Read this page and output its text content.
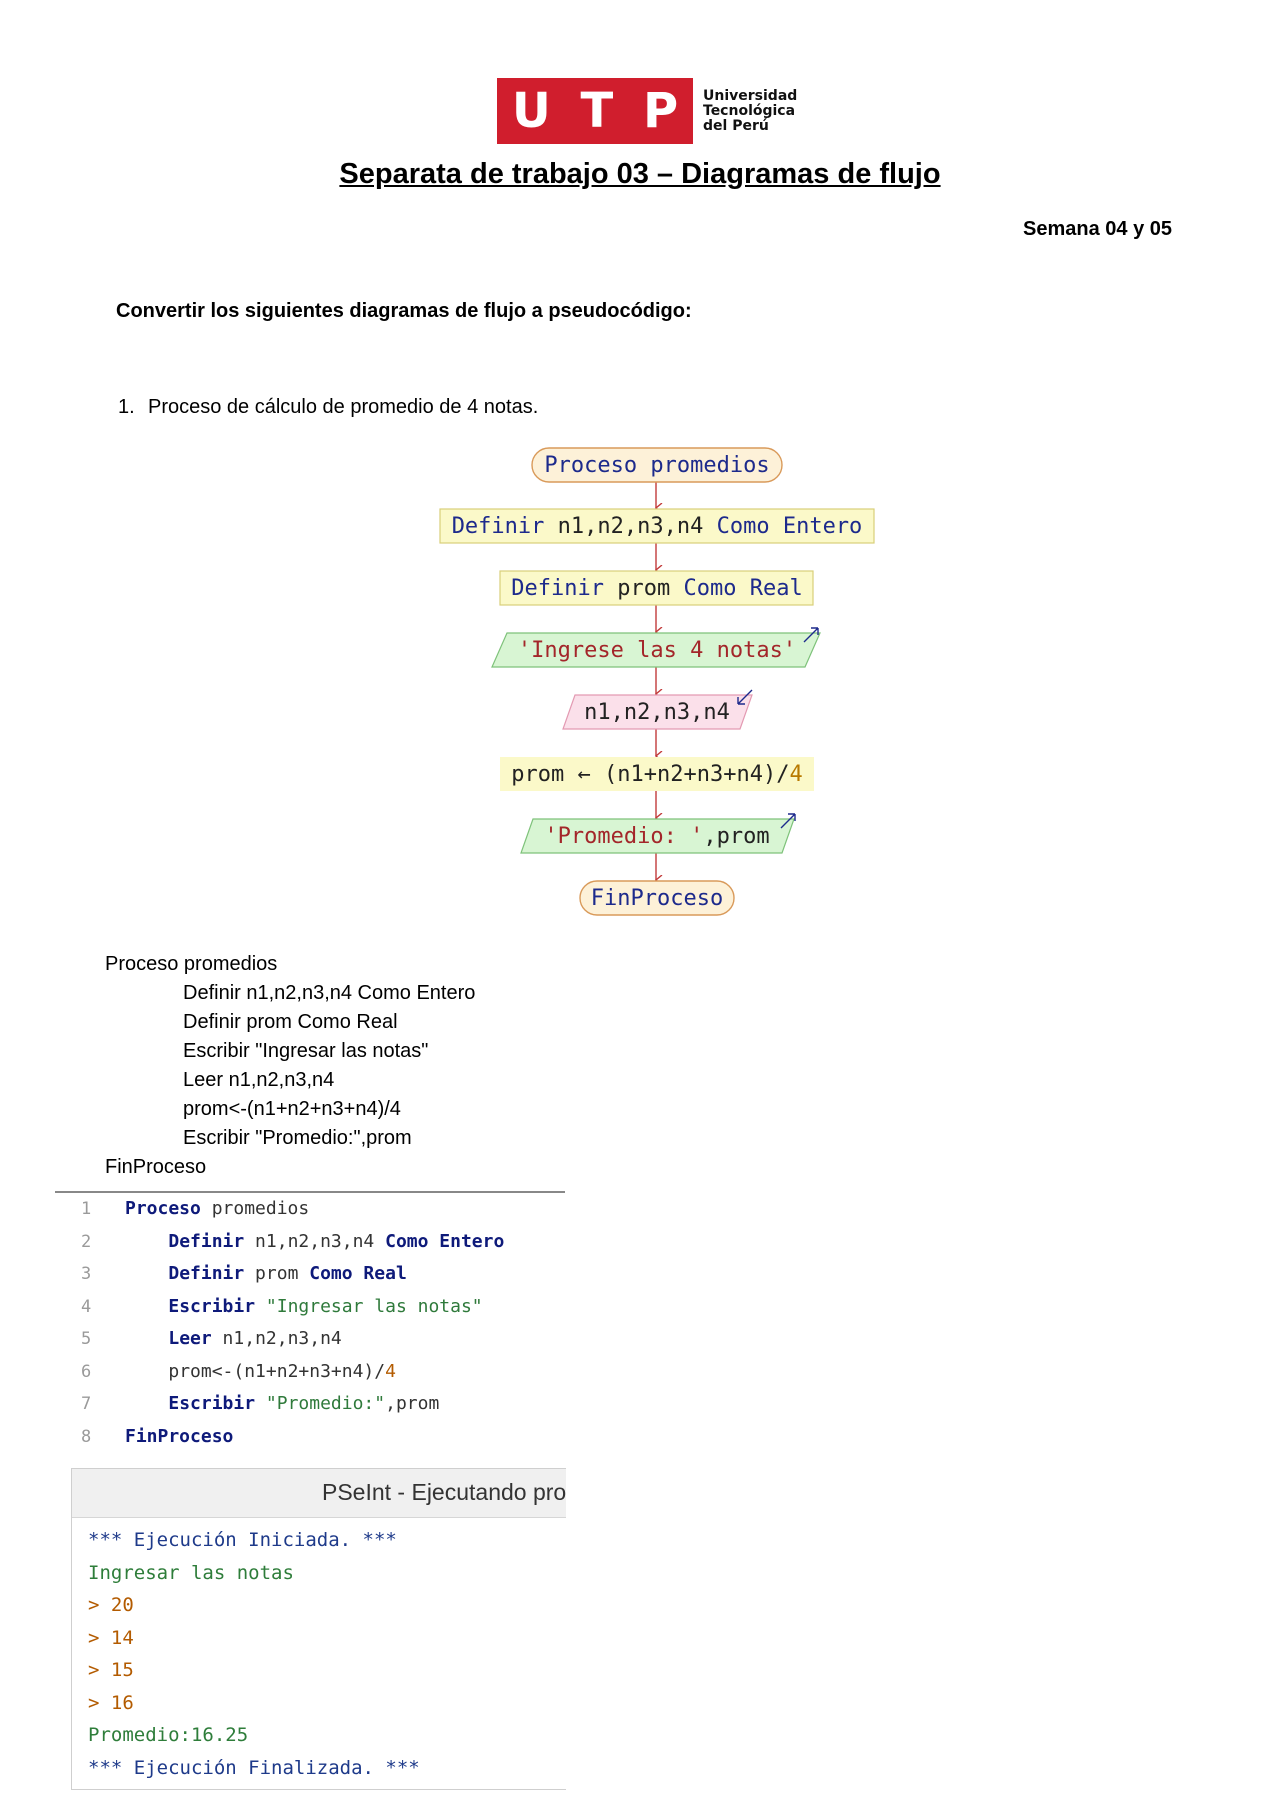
U T P Universidad
Tecnológica
del Perú
Separata de trabajo 03 – Diagramas de flujo
Semana 04 y 05
Convertir los siguientes diagramas de flujo a pseudocódigo:
1. Proceso de cálculo de promedio de 4 notas.
Proceso promedios
Definir n1,n2,n3,n4 Como Entero
Definir prom Como Real
'Ingrese las 4 notas'
n1,n2,n3,n4
prom ← (n1+n2+n3+n4)/4
'Promedio: ',prom
FinProceso
Proceso promedios
Definir n1,n2,n3,n4 Como Entero
Definir prom Como Real
Escribir "Ingresar las notas"
Leer n1,n2,n3,n4
prom<-(n1+n2+n3+n4)/4
Escribir "Promedio:",prom
FinProceso
1 Proceso promedios
2	Definir n1,n2,n3,n4 Como Entero
3	Definir prom Como Real
4	Escribir "Ingresar las notas"
5	Leer n1,n2,n3,n4
6	prom<-(n1+n2+n3+n4)/4
7	Escribir "Promedio:",prom
8 FinProceso
PSeInt - Ejecutando pro
*** Ejecución Iniciada. ***
Ingresar las notas
> 20
> 14
> 15
> 16
Promedio:16.25
*** Ejecución Finalizada. ***
